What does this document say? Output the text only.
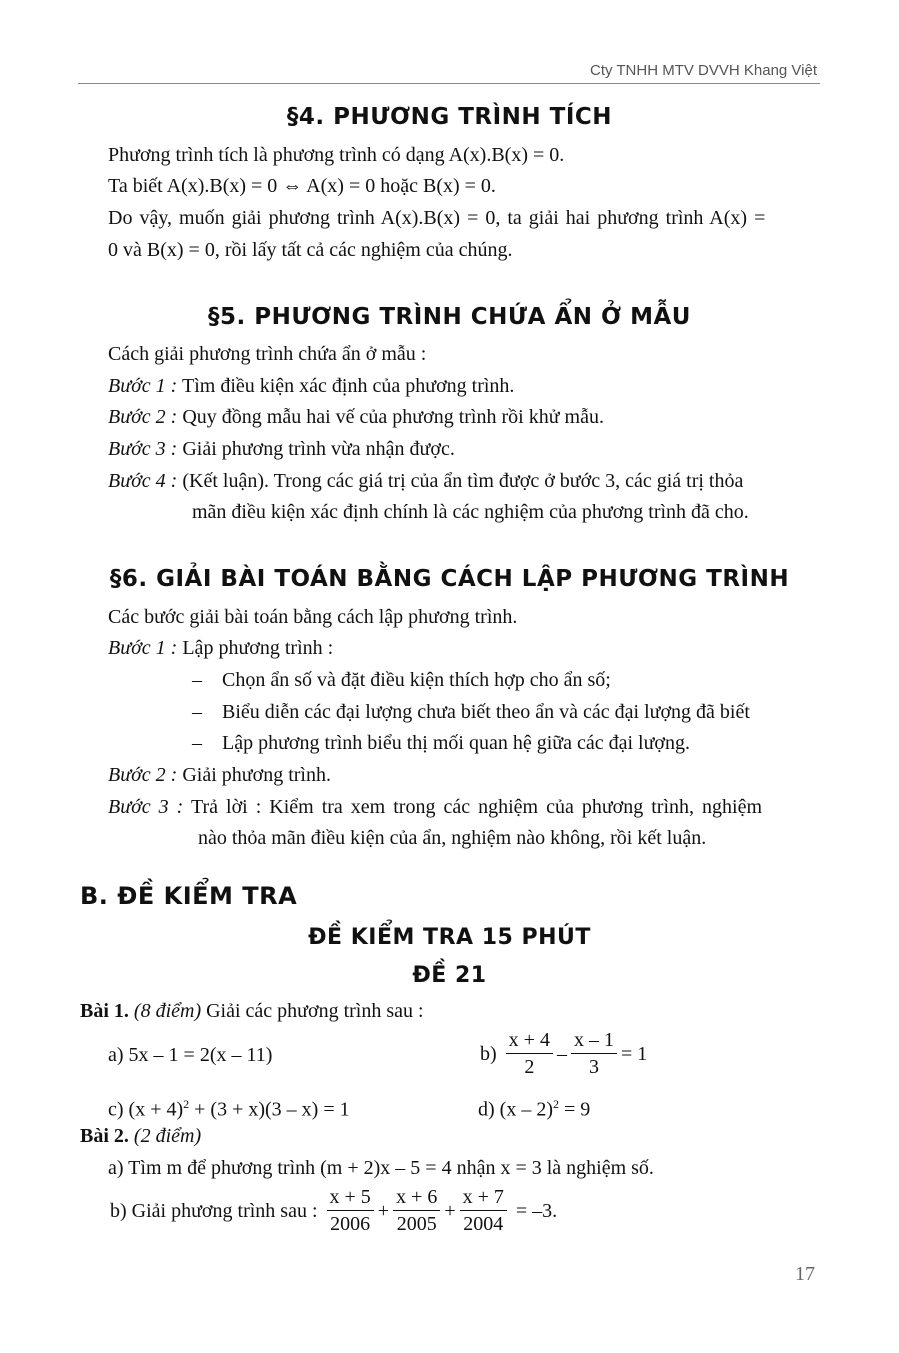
Cty TNHH MTV DVVH Khang Việt
§4. PHƯƠNG TRÌNH TÍCH
Phương trình tích là phương trình có dạng A(x).B(x) = 0.
Ta biết A(x).B(x) = 0 ⇔ A(x) = 0 hoặc B(x) = 0.
Do vậy, muốn giải phương trình A(x).B(x) = 0, ta giải hai phương trình A(x) =
0 và B(x) = 0, rồi lấy tất cả các nghiệm của chúng.
§5. PHƯƠNG TRÌNH CHỨA ẨN Ở MẪU
Cách giải phương trình chứa ẩn ở mẫu :
Bước 1 : Tìm điều kiện xác định của phương trình.
Bước 2 : Quy đồng mẫu hai vế của phương trình rồi khử mẫu.
Bước 3 : Giải phương trình vừa nhận được.
Bước 4 : (Kết luận). Trong các giá trị của ẩn tìm được ở bước 3, các giá trị thỏa
mãn điều kiện xác định chính là các nghiệm của phương trình đã cho.
§6. GIẢI BÀI TOÁN BẰNG CÁCH LẬP PHƯƠNG TRÌNH
Các bước giải bài toán bằng cách lập phương trình.
Bước 1 : Lập phương trình :
– Chọn ẩn số và đặt điều kiện thích hợp cho ẩn số;
– Biểu diễn các đại lượng chưa biết theo ẩn và các đại lượng đã biết
– Lập phương trình biểu thị mối quan hệ giữa các đại lượng.
Bước 2 : Giải phương trình.
Bước 3 : Trả lời : Kiểm tra xem trong các nghiệm của phương trình, nghiệm
nào thỏa mãn điều kiện của ẩn, nghiệm nào không, rồi kết luận.
B. ĐỀ KIỂM TRA
ĐỀ KIỂM TRA 15 PHÚT
ĐỀ 21
Bài 1. (8 điểm) Giải các phương trình sau :
a) 5x – 1 = 2(x – 11)	$b) \frac{x + 4}{2} - \frac{x - 1}{3} = 1$
c) $(x + 4)^2 + (3 + x)(3 - x) = 1$	d) (x – 2)$^2$ = 9
Bài 2. (2 điểm)
a) Tìm m để phương trình (m + 2)x – 5 = 4 nhận x = 3 là nghiệm số.
b) Giải phương trình sau : $\frac{x + 5}{2006} + \frac{x + 6}{2005} + \frac{x + 7}{2004} = -3$.
17
